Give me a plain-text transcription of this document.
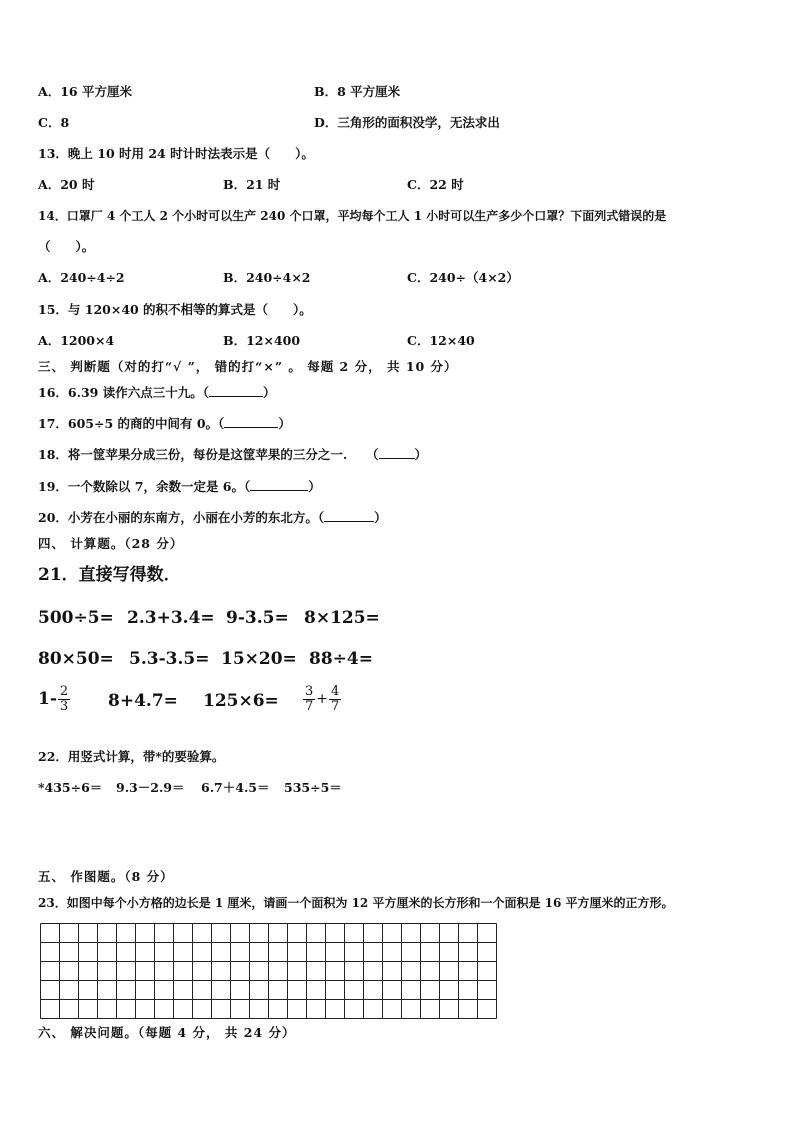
A．16 平方厘米	B．8 平方厘米
C．8	D．三角形的面积没学，无法求出
13．晚上 10 时用 24 时计时法表示是（　　）。
A．20 时	B．21 时	C．22 时
14．口罩厂 4 个工人 2 个小时可以生产 240 个口罩，平均每个工人 1 小时可以生产多少个口罩？下面列式错误的是
（　　）。
A．240÷4÷2	B．240÷4×2	C．240÷（4×2）
15．与 120×40 的积不相等的算式是（　　）。
A．1200×4	B．12×400	C．12×40
三、 判断题（对的打“√ ”， 错的打“×” 。 每题 2 分， 共 10 分）
16．6.39 读作六点三十九。（	）
17．605÷5 的商的中间有 0。（	）
18．将一筐苹果分成三份，每份是这筐苹果的三分之一.　　（	）
19．一个数除以 7，余数一定是 6。（	）
20．小芳在小丽的东南方，小丽在小芳的东北方。（	）
四、 计算题。（28 分）
21．直接写得数．
500÷5= 2.3+3.4= 9-3.5= 8×125=
80×50= 5.3-3.5= 15×20= 88÷4=
$1- \frac{2}{3} 8+4.7= 125\times 6= \frac{3}{7} + \frac{4}{7}$
22．用竖式计算，带*的要验算。
*435÷6＝ 9.3－2.9＝ 6.7＋4.5＝ 535÷5＝
五、 作图题。（8 分）
23．如图中每个小方格的边长是 1 厘米，请画一个面积为 12 平方厘米的长方形和一个面积是 16 平方厘米的正方形。
六、 解决问题。（每题 4 分， 共 24 分）
